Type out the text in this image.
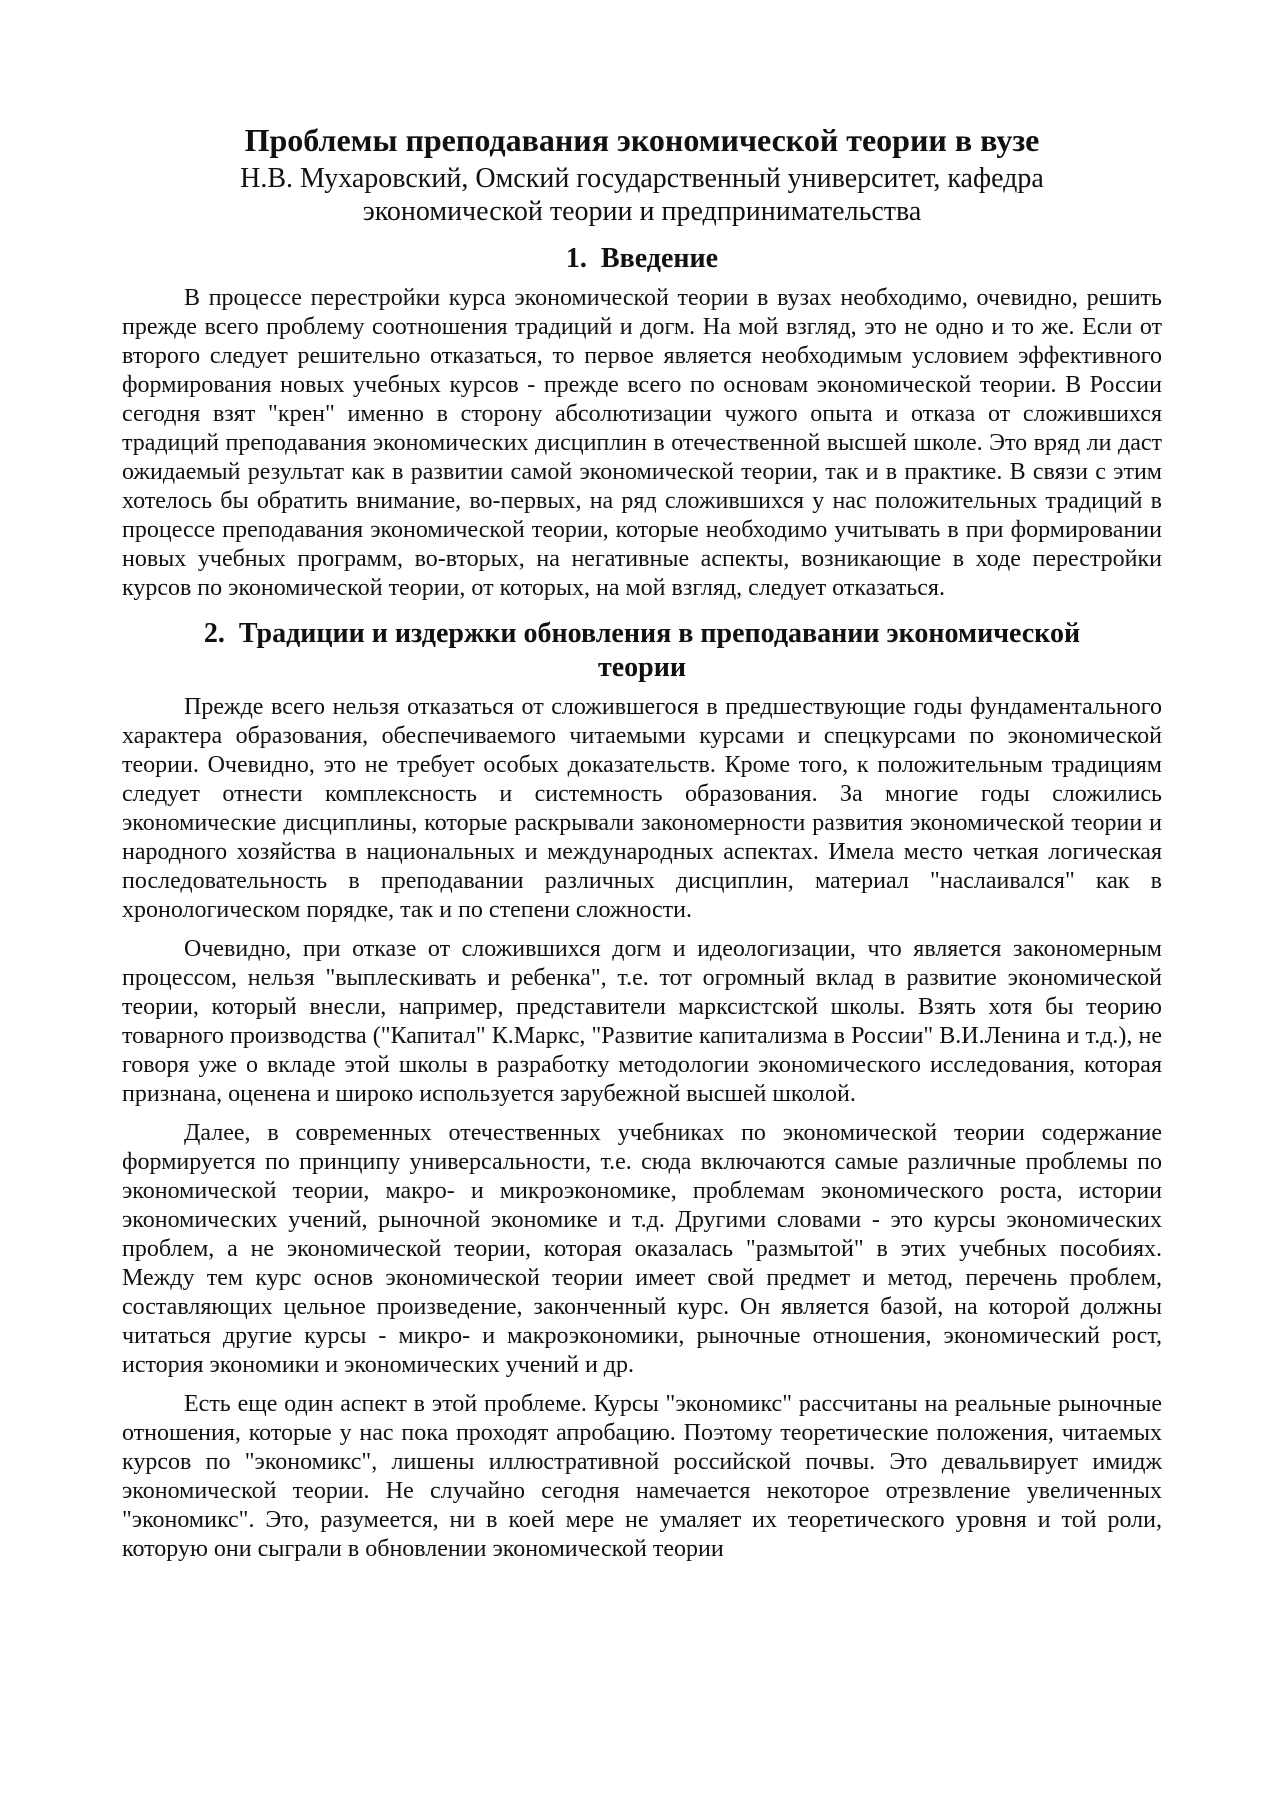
Проблемы преподавания экономической теории в вузе

Н.В. Мухаровский, Омский государственный университет, кафедра

экономической теории и предпринимательства

1. Введение

В процессе перестройки курса экономической теории в вузах необходимо, очевидно, решить прежде всего проблему соотношения традиций и догм. На мой взгляд, это не одно и то же. Если от второго следует решительно отказаться, то первое является необходимым условием эффективного формирования новых учебных курсов - прежде всего по основам экономической теории. В России сегодня взят "крен" именно в сторону абсолютизации чужого опыта и отказа от сложившихся традиций преподавания экономических дисциплин в отечественной высшей школе. Это вряд ли даст ожидаемый результат как в развитии самой экономической теории, так и в практике. В связи с этим хотелось бы обратить внимание, во-первых, на ряд сложившихся у нас положительных традиций в процессе преподавания экономической теории, которые необходимо учитывать в при формировании новых учебных программ, во-вторых, на негативные аспекты, возникающие в ходе перестройки курсов по экономической теории, от которых, на мой взгляд, следует отказаться.

2. Традиции и издержки обновления в преподавании экономической
теории

Прежде всего нельзя отказаться от сложившегося в предшествующие годы фундаментального характера образования, обеспечиваемого читаемыми курсами и спецкурсами по экономической теории. Очевидно, это не требует особых доказательств. Кроме того, к положительным традициям следует отнести комплексность и системность образования. За многие годы сложились экономические дисциплины, которые раскрывали закономерности развития экономической теории и народного хозяйства в национальных и международных аспектах. Имела место четкая логическая последовательность в преподавании различных дисциплин, материал "наслаивался" как в хронологическом порядке, так и по степени сложности.

Очевидно, при отказе от сложившихся догм и идеологизации, что является закономерным процессом, нельзя "выплескивать и ребенка", т.е. тот огромный вклад в развитие экономической теории, который внесли, например, представители марксистской школы. Взять хотя бы теорию товарного производства ("Капитал" К.Маркс, "Развитие капитализма в России" В.И.Ленина и т.д.), не говоря уже о вкладе этой школы в разработку методологии экономического исследования, которая признана, оценена и широко используется зарубежной высшей школой.

Далее, в современных отечественных учебниках по экономической теории содержание формируется по принципу универсальности, т.е. сюда включаются самые различные проблемы по экономической теории, макро- и микроэкономике, проблемам экономического роста, истории экономических учений, рыночной экономике и т.д. Другими словами - это курсы экономических проблем, а не экономической теории, которая оказалась "размытой" в этих учебных пособиях. Между тем курс основ экономической теории имеет свой предмет и метод, перечень проблем, составляющих цельное произведение, законченный курс. Он является базой, на которой должны читаться другие курсы - микро- и макроэкономики, рыночные отношения, экономический рост, история экономики и экономических учений и др.

Есть еще один аспект в этой проблеме. Курсы "экономикс" рассчитаны на реальные рыночные отношения, которые у нас пока проходят апробацию. Поэтому теоретические положения, читаемых курсов по "экономикс", лишены иллюстративной российской почвы. Это девальвирует имидж экономической теории. Не случайно сегодня намечается некоторое отрезвление увеличенных "экономикс". Это, разумеется, ни в коей мере не умаляет их теоретического уровня и той роли, которую они сыграли в обновлении экономической теории
